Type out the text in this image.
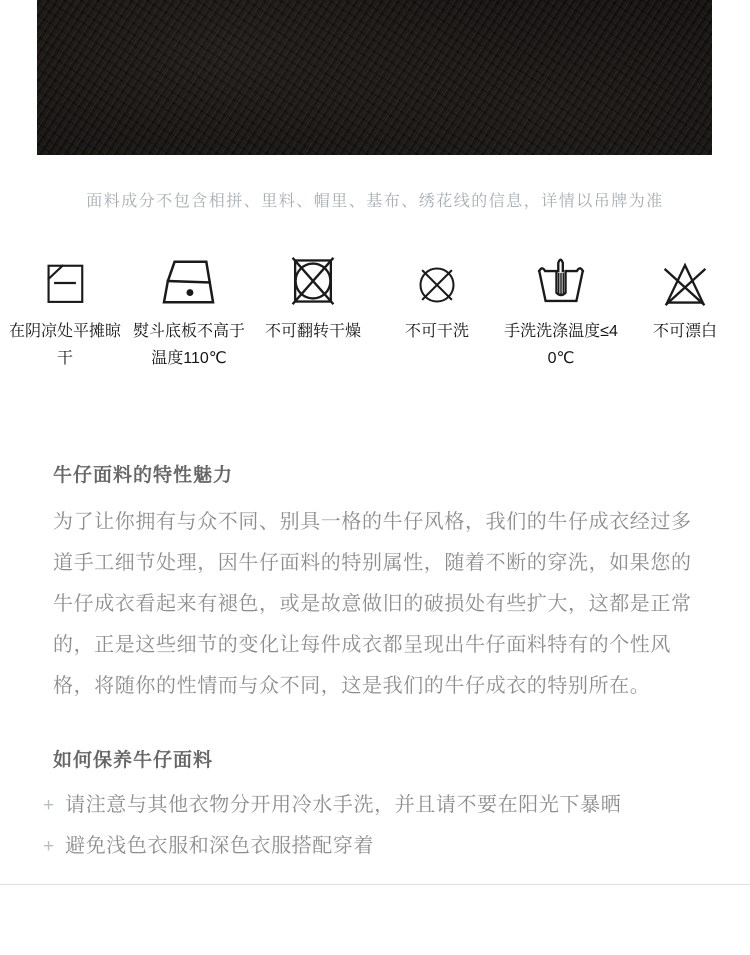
面料成分不包含相拼、里料、帽里、基布、绣花线的信息，详情以吊牌为准

在阴凉处平摊晾干
熨斗底板不高于温度110℃
不可翻转干燥	不可干洗 手洗洗涤温度≤40℃
不可漂白
牛仔面料的特性魅力

为了让你拥有与众不同、别具一格的牛仔风格，我们的牛仔成衣经过多道手工细节处理，因牛仔面料的特别属性，随着不断的穿洗，如果您的牛仔成衣看起来有褪色，或是故意做旧的破损处有些扩大，这都是正常的，正是这些细节的变化让每件成衣都呈现出牛仔面料特有的个性风格，将随你的性情而与众不同，这是我们的牛仔成衣的特别所在。

如何保养牛仔面料
+ 请注意与其他衣物分开用冷水手洗，并且请不要在阳光下暴晒
+ 避免浅色衣服和深色衣服搭配穿着
